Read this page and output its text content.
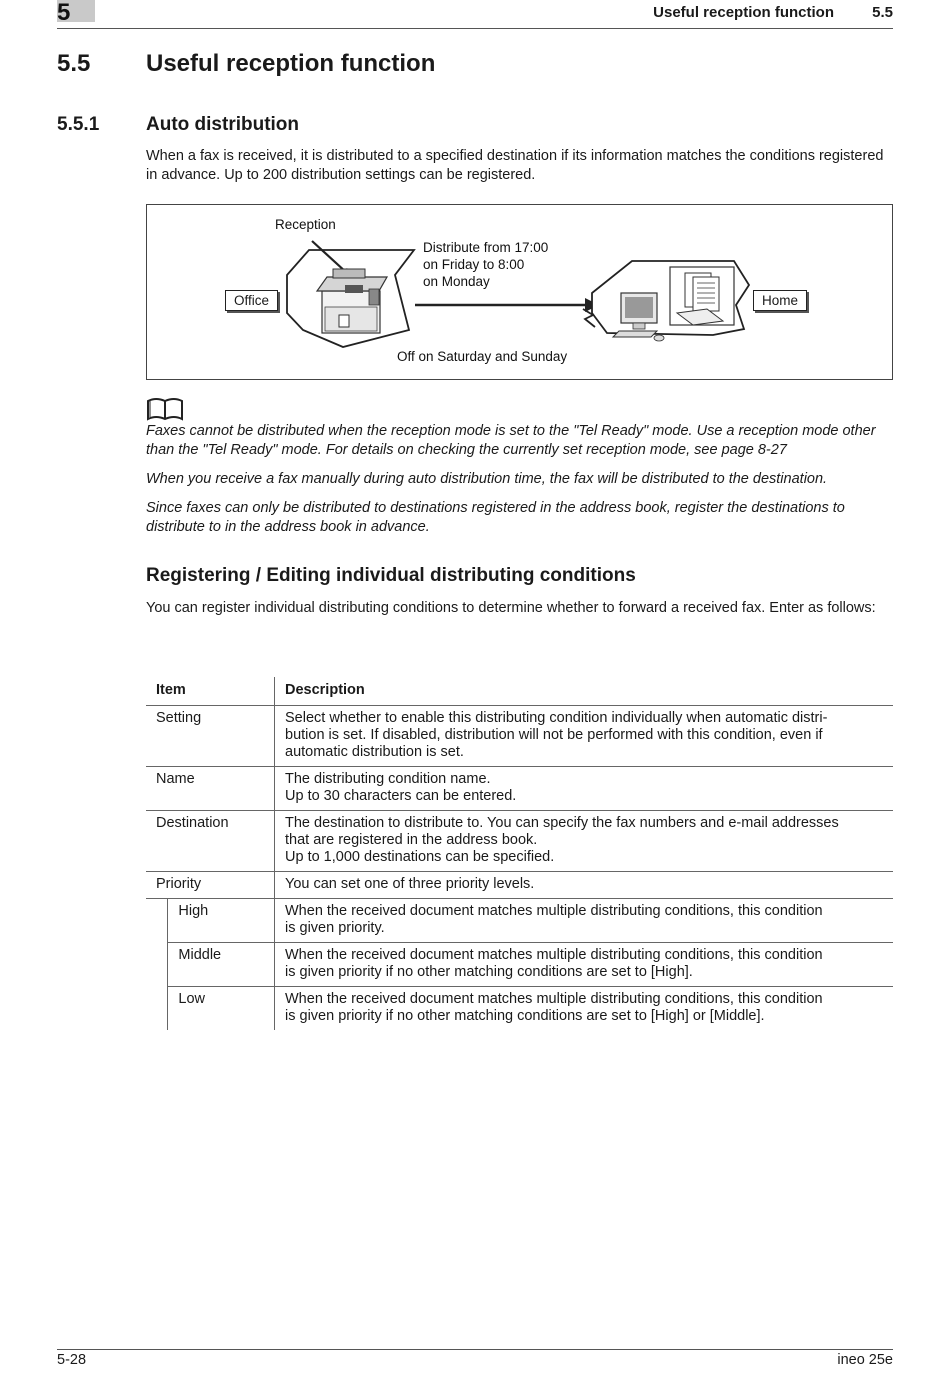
5	Useful reception function	5.5
5.5 Useful reception function
5.5.1 Auto distribution
When a fax is received, it is distributed to a specified destination if its information matches the conditions registered in advance. Up to 200 distribution settings can be registered.
Reception
Office	Home
Distribute from 17:00
on Friday to 8:00
on Monday
Off on Saturday and Sunday
Faxes cannot be distributed when the reception mode is set to the "Tel Ready" mode. Use a reception mode other than the "Tel Ready" mode. For details on checking the currently set reception mode, see page 8-27
When you receive a fax manually during auto distribution time, the fax will be distributed to the destination.
Since faxes can only be distributed to destinations registered in the address book, register the destinations to distribute to in the address book in advance.
Registering / Editing individual distributing conditions
You can register individual distributing conditions to determine whether to forward a received fax. Enter as follows:
Item		Description
Setting		Select whether to enable this distributing condition individually when automatic distri-
bution is set. If disabled, distribution will not be performed with this condition, even if
automatic distribution is set.
Name		The distributing condition name.
Up to 30 characters can be entered.
Destination		The destination to distribute to. You can specify the fax numbers and e-mail addresses
that are registered in the address book.
Up to 1,000 destinations can be specified.
Priority		You can set one of three priority levels.
	High	When the received document matches multiple distributing conditions, this condition
is given priority.
	Middle	When the received document matches multiple distributing conditions, this condition
is given priority if no other matching conditions are set to [High].
	Low	When the received document matches multiple distributing conditions, this condition
is given priority if no other matching conditions are set to [High] or [Middle].
5-28	ineo 25e
